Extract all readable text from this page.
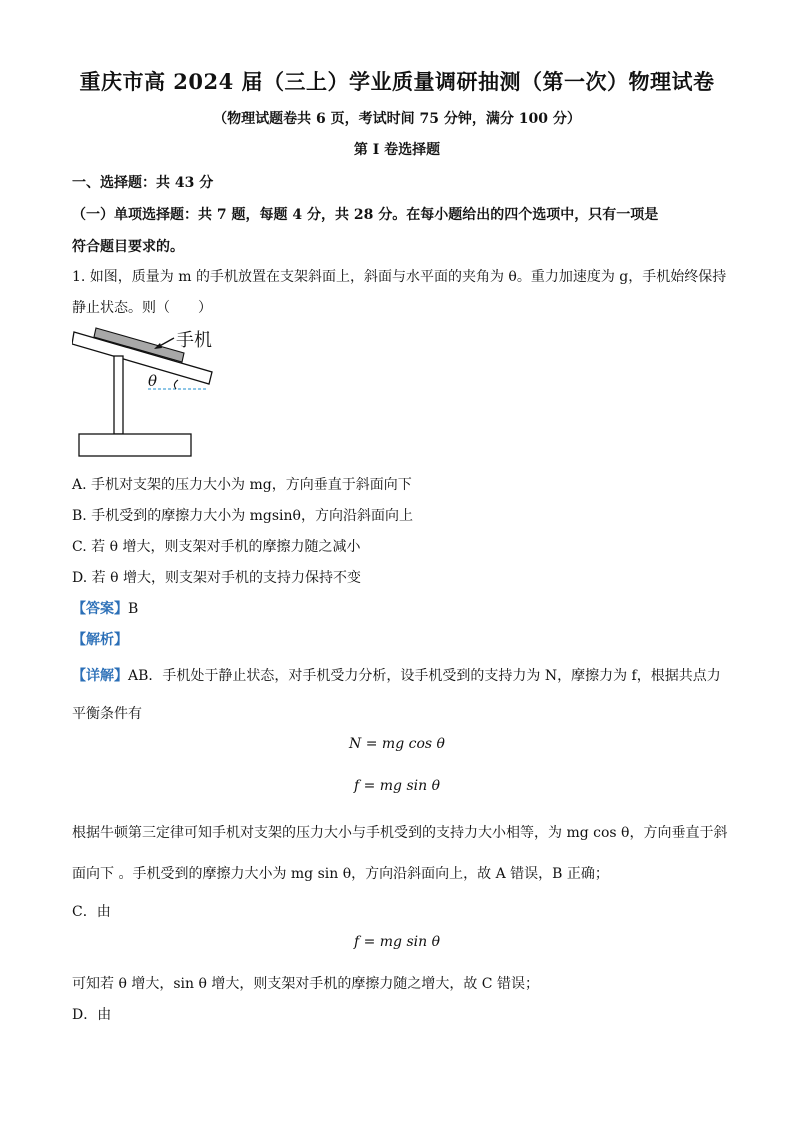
重庆市高 2024 届（三上）学业质量调研抽测（第一次）物理试卷
（物理试题卷共 6 页，考试时间 75 分钟，满分 100 分）
第 I 卷选择题
一、选择题：共 43 分
（一）单项选择题：共 7 题，每题 4 分，共 28 分。在每小题给出的四个选项中，只有一项是
符合题目要求的。
1. 如图，质量为 m 的手机放置在支架斜面上，斜面与水平面的夹角为 θ。重力加速度为 g，手机始终保持
静止状态。则（　　）
手机
θ
A. 手机对支架的压力大小为 mg，方向垂直于斜面向下
B. 手机受到的摩擦力大小为 mgsinθ，方向沿斜面向上
C. 若 θ 增大，则支架对手机的摩擦力随之减小
D. 若 θ 增大，则支架对手机的支持力保持不变
【答案】B
【解析】
【详解】AB．手机处于静止状态，对手机受力分析，设手机受到的支持力为 N，摩擦力为 f，根据共点力
平衡条件有
N = mg cos θ
f = mg sin θ
根据牛顿第三定律可知手机对支架的压力大小与手机受到的支持力大小相等，为 mg cos θ，方向垂直于斜
面向下 。手机受到的摩擦力大小为 mg sin θ，方向沿斜面向上，故 A 错误，B 正确；
C．由
f = mg sin θ
可知若 θ 增大，sin θ 增大，则支架对手机的摩擦力随之增大，故 C 错误；
D．由
